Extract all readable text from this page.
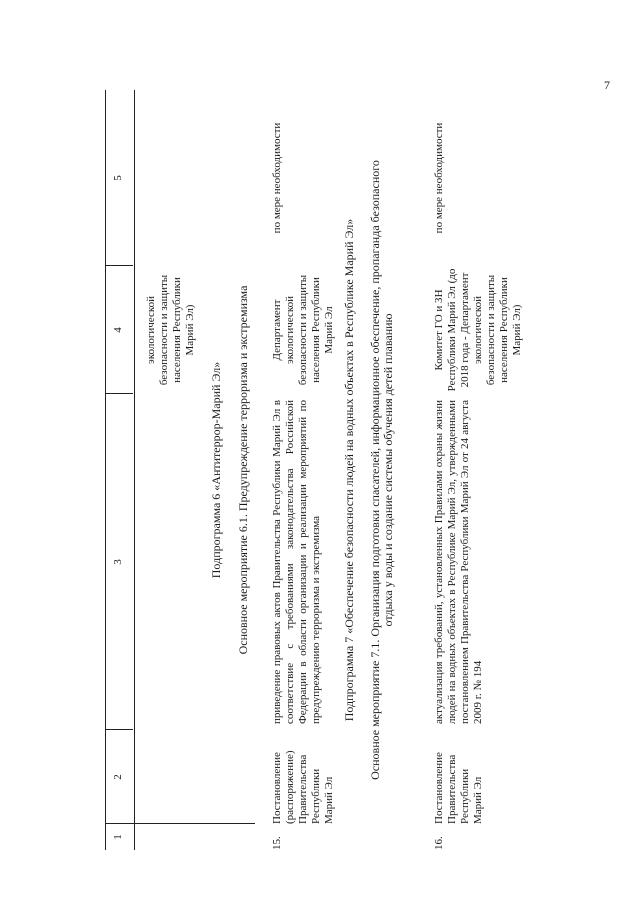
7
1
2
3
4
5
экологической безопасности и защиты населения Республики Марий Эл)
Подпрограмма 6 «Антитеррор-Марий Эл» Основное мероприятие 6.1. Предупреждение терроризма и экстремизма
15.
Постановление (распоряжение) Правительства Республики Марий Эл
приведение правовых актов Правительства Республики Марий Эл в соответствие с требованиями законодательства Российской Федерации в области организации и реализации мероприятий по предупреждению терроризма и экстремизма
Департамент экологической безопасности и защиты населения Республики Марий Эл
по мере необходимости
Подпрограмма 7 «Обеспечение безопасности людей на водных объектах в Республике Марий Эл» Основное мероприятие 7.1. Организация подготовки спасателей, информационное обеспечение, пропаганда безопасного отдыха у воды и создание системы обучения детей плаванию
16.
Постановление Правительства Республики Марий Эл
актуализация требований, установленных Правилами охраны жизни людей на водных объектах в Республике Марий Эл, утвержденными постановлением Правительства Республики Марий Эл от 24 августа 2009 г. № 194
Комитет ГО и ЗН Республики Марий Эл (до 2018 года - Департамент экологической безопасности и защиты населения Республики Марий Эл)
по мере необходимости
